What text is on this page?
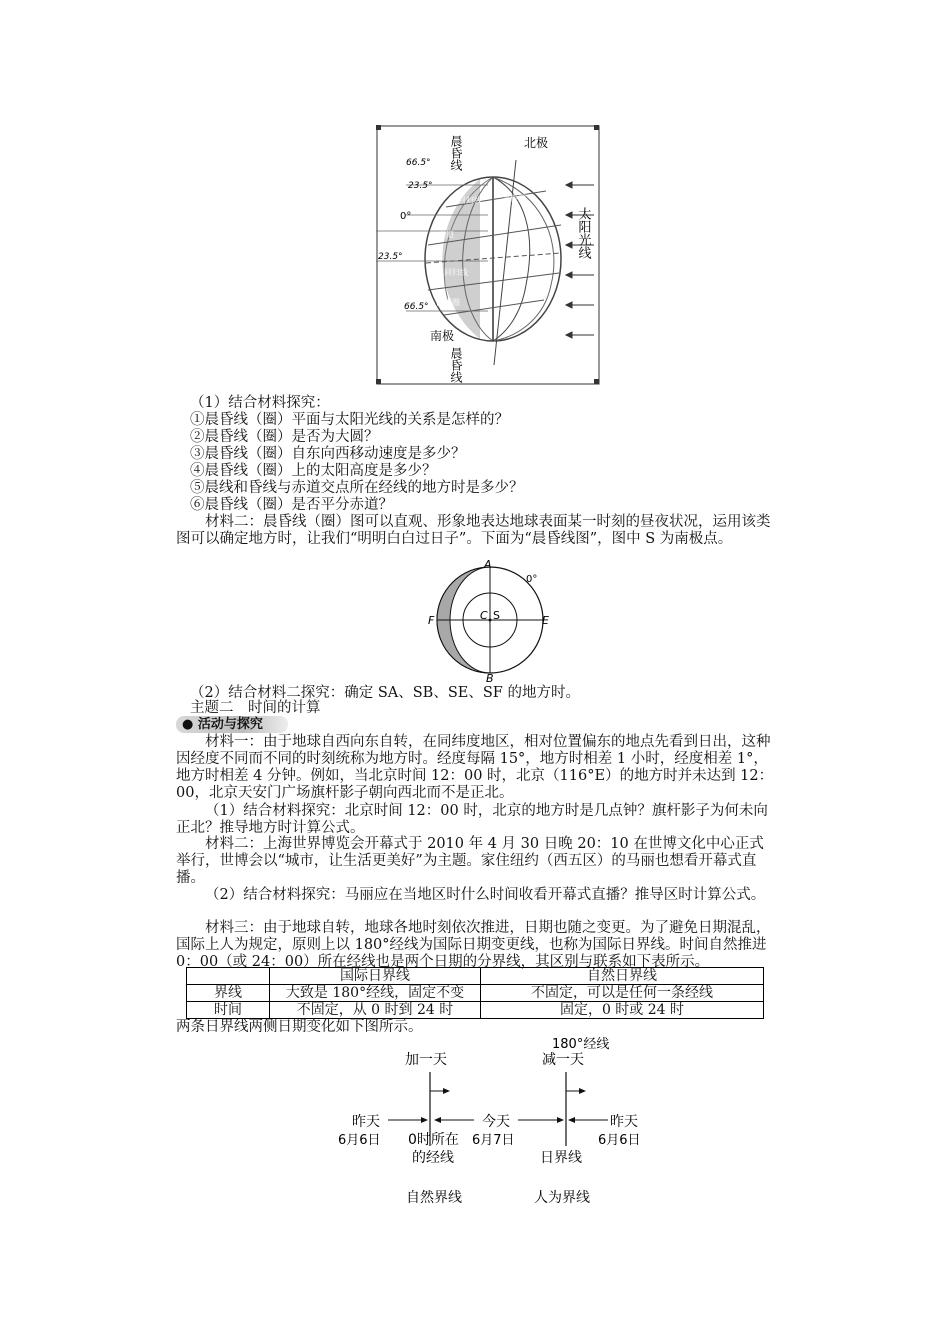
晨昏线
晨昏线
北极
南极
太阳光线
66.5°
23.5°
0°
23.5°
66.5°
北回归线	北极圈
赤道
南回归线
南极圈
（1）结合材料探究：
①晨昏线（圈）平面与太阳光线的关系是怎样的？
②晨昏线（圈）是否为大圆？
③晨昏线（圈）自东向西移动速度是多少？
④晨昏线（圈）上的太阳高度是多少？
⑤晨线和昏线与赤道交点所在经线的地方时是多少？
⑥晨昏线（圈）是否平分赤道？
材料二：晨昏线（圈）图可以直观、形象地表达地球表面某一时刻的昼夜状况，运用该类图可以确定地方时，让我们“明明白白过日子”。下面为“晨昏线图”，图中 S 为南极点。
A
B
C S	E
F
0°
（2）结合材料二探究：确定 SA、SB、SE、SF 的地方时。
主题二　时间的计算
● 活动与探究
材料一：由于地球自西向东自转，在同纬度地区，相对位置偏东的地点先看到日出，这种因经度不同而不同的时刻统称为地方时。经度每隔 15°，地方时相差 1 小时，经度相差 1°，地方时相差 4 分钟。例如，当北京时间 12：00 时，北京（116°E）的地方时并未达到 12：00，北京天安门广场旗杆影子朝向西北而不是正北。
（1）结合材料探究：北京时间 12：00 时，北京的地方时是几点钟？旗杆影子为何未向正北？推导地方时计算公式。
材料二：上海世界博览会开幕式于 2010 年 4 月 30 日晚 20：10 在世博文化中心正式举行，世博会以“城市，让生活更美好”为主题。家住纽约（西五区）的马丽也想看开幕式直播。
（2）结合材料探究：马丽应在当地区时什么时间收看开幕式直播？推导区时计算公式。
材料三：由于地球自转，地球各地时刻依次推进，日期也随之变更。为了避免日期混乱，国际上人为规定，原则上以 180°经线为国际日期变更线，也称为国际日界线。时间自然推进 0：00（或 24：00）所在经线也是两个日期的分界线，其区别与联系如下表所示。
	国际日界线	自然日界线
界线	大致是 180°经线，固定不变	不固定，可以是任何一条经线
时间	不固定，从 0 时到 24 时	固定，0 时或 24 时
两条日界线两侧日期变化如下图所示。
加一天	减一天
180°经线
昨天
6月6日
今天
6月7日
昨天
6月6日
0时所在
的经线	日界线
自然界线	人为界线
